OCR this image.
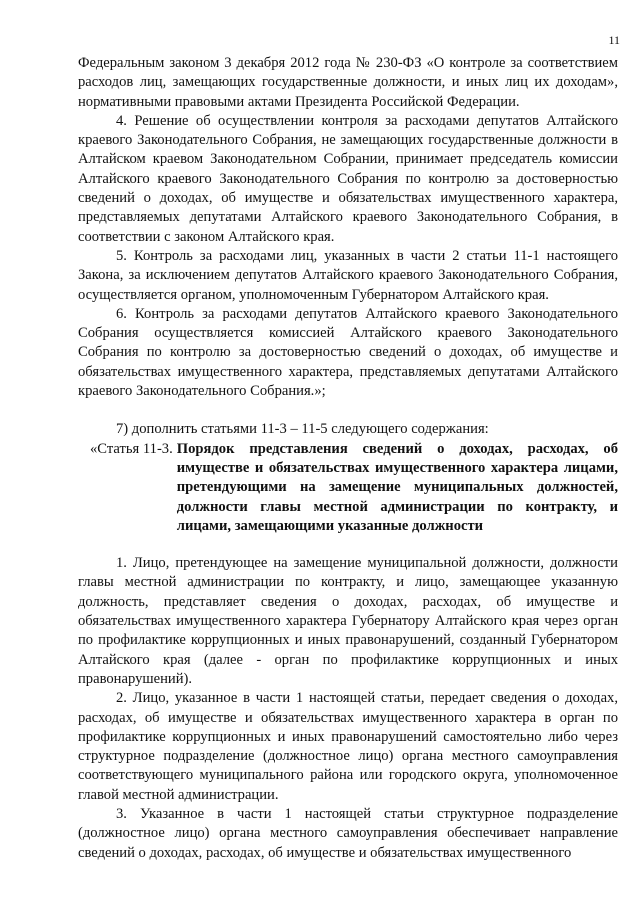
11

Федеральным законом 3 декабря 2012 года № 230-ФЗ «О контроле за соответствием расходов лиц, замещающих государственные должности, и иных лиц их доходам», нормативными правовыми актами Президента Российской Федерации.

4. Решение об осуществлении контроля за расходами депутатов Алтайского краевого Законодательного Собрания, не замещающих государственные должности в Алтайском краевом Законодательном Собрании, принимает председатель комиссии Алтайского краевого Законодательного Собрания по контролю за достоверностью сведений о доходах, об имуществе и обязательствах имущественного характера, представляемых депутатами Алтайского краевого Законодательного Собрания, в соответствии с законом Алтайского края.

5. Контроль за расходами лиц, указанных в части 2 статьи 11-1 настоящего Закона, за исключением депутатов Алтайского краевого Законодательного Собрания, осуществляется органом, уполномоченным Губернатором Алтайского края.

6. Контроль за расходами депутатов Алтайского краевого Законодательного Собрания осуществляется комиссией Алтайского краевого Законодательного Собрания по контролю за достоверностью сведений о доходах, об имуществе и обязательствах имущественного характера, представляемых депутатами Алтайского краевого Законодательного Собрания.»;

7) дополнить статьями 11-3 – 11-5 следующего содержания:

«Статья 11-3. Порядок представления сведений о доходах, расходах, об имуществе и обязательствах имущественного характера лицами, претендующими на замещение муниципальных должностей, должности главы местной администрации по контракту, и лицами, замещающими указанные должности

1. Лицо, претендующее на замещение муниципальной должности, должности главы местной администрации по контракту, и лицо, замещающее указанную должность, представляет сведения о доходах, расходах, об имуществе и обязательствах имущественного характера Губернатору Алтайского края через орган по профилактике коррупционных и иных правонарушений, созданный Губернатором Алтайского края (далее - орган по профилактике коррупционных и иных правонарушений).

2. Лицо, указанное в части 1 настоящей статьи, передает сведения о доходах, расходах, об имуществе и обязательствах имущественного характера в орган по профилактике коррупционных и иных правонарушений самостоятельно либо через структурное подразделение (должностное лицо) органа местного самоуправления соответствующего муниципального района или городского округа, уполномоченное главой местной администрации.

3. Указанное в части 1 настоящей статьи структурное подразделение (должностное лицо) органа местного самоуправления обеспечивает направление сведений о доходах, расходах, об имуществе и обязательствах имущественного
